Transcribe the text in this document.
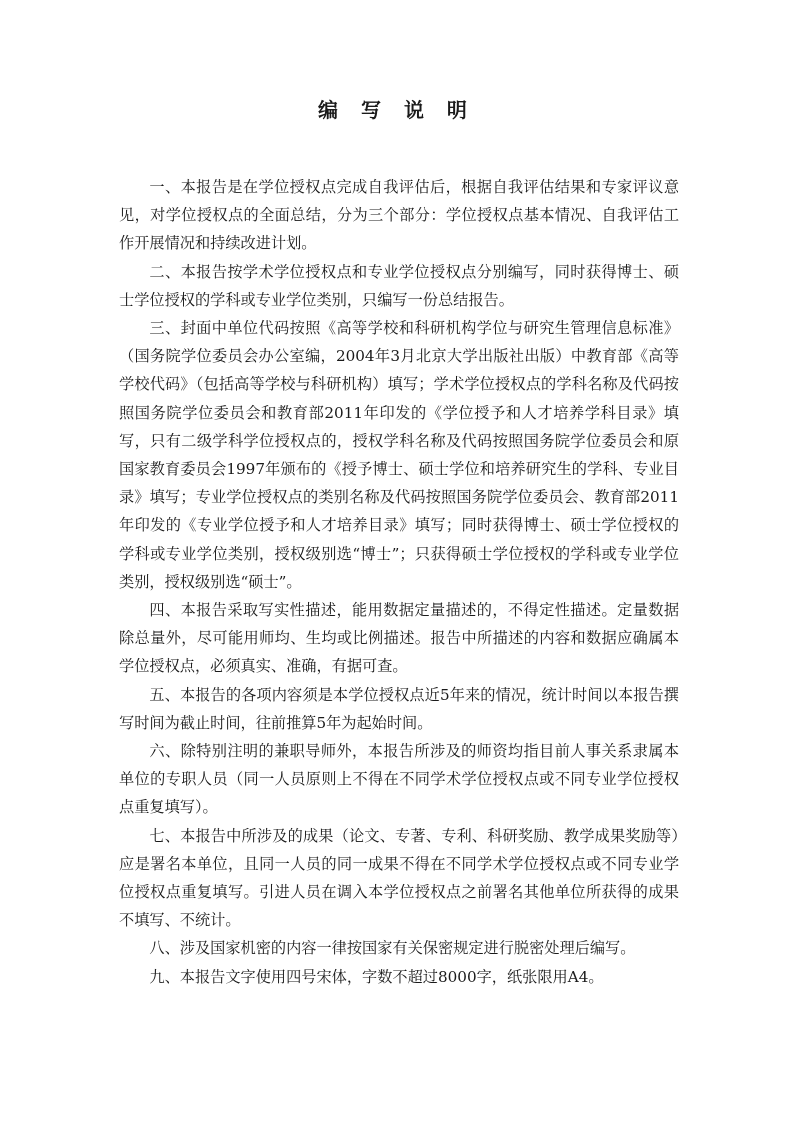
编 写 说 明

一、本报告是在学位授权点完成自我评估后，根据自我评估结果和专家评议意见，对学位授权点的全面总结，分为三个部分：学位授权点基本情况、自我评估工作开展情况和持续改进计划。

二、本报告按学术学位授权点和专业学位授权点分别编写，同时获得博士、硕士学位授权的学科或专业学位类别，只编写一份总结报告。

三、封面中单位代码按照《高等学校和科研机构学位与研究生管理信息标准》（国务院学位委员会办公室编，2004年3月北京大学出版社出版）中教育部《高等学校代码》（包括高等学校与科研机构）填写；学术学位授权点的学科名称及代码按照国务院学位委员会和教育部2011年印发的《学位授予和人才培养学科目录》填写，只有二级学科学位授权点的，授权学科名称及代码按照国务院学位委员会和原国家教育委员会1997年颁布的《授予博士、硕士学位和培养研究生的学科、专业目录》填写；专业学位授权点的类别名称及代码按照国务院学位委员会、教育部2011年印发的《专业学位授予和人才培养目录》填写；同时获得博士、硕士学位授权的学科或专业学位类别，授权级别选“博士”；只获得硕士学位授权的学科或专业学位类别，授权级别选“硕士”。

四、本报告采取写实性描述，能用数据定量描述的，不得定性描述。定量数据除总量外，尽可能用师均、生均或比例描述。报告中所描述的内容和数据应确属本学位授权点，必须真实、准确，有据可查。

五、本报告的各项内容须是本学位授权点近5年来的情况，统计时间以本报告撰写时间为截止时间，往前推算5年为起始时间。

六、除特别注明的兼职导师外，本报告所涉及的师资均指目前人事关系隶属本单位的专职人员（同一人员原则上不得在不同学术学位授权点或不同专业学位授权点重复填写）。

七、本报告中所涉及的成果（论文、专著、专利、科研奖励、教学成果奖励等）应是署名本单位，且同一人员的同一成果不得在不同学术学位授权点或不同专业学位授权点重复填写。引进人员在调入本学位授权点之前署名其他单位所获得的成果不填写、不统计。

八、涉及国家机密的内容一律按国家有关保密规定进行脱密处理后编写。

九、本报告文字使用四号宋体，字数不超过8000字，纸张限用A4。
